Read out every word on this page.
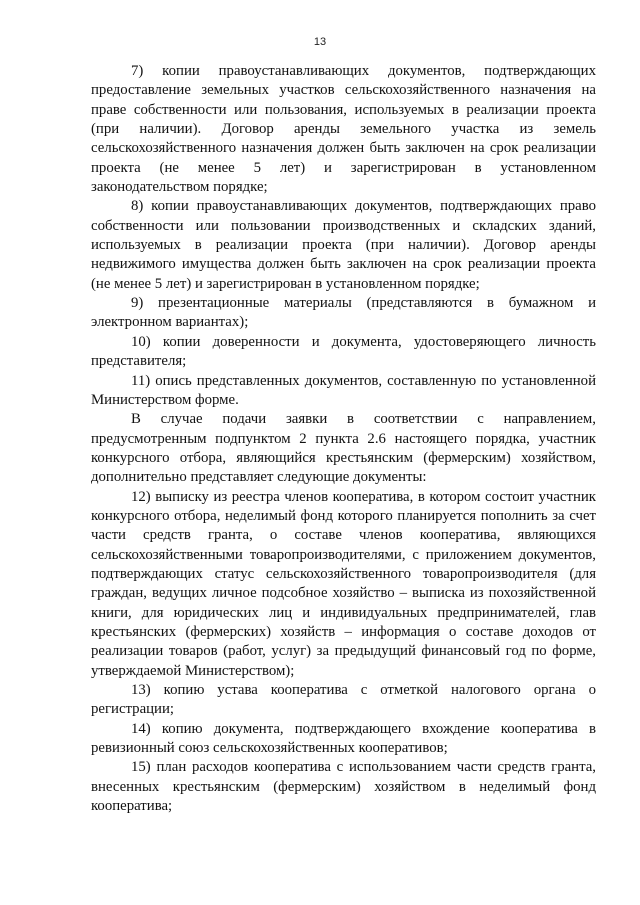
13

7) копии правоустанавливающих документов, подтверждающих предоставление земельных участков сельскохозяйственного назначения на праве собственности или пользования, используемых в реализации проекта (при наличии). Договор аренды земельного участка из земель сельскохозяйственного назначения должен быть заключен на срок реализации проекта (не менее 5 лет) и зарегистрирован в установленном законодательством порядке;

8) копии правоустанавливающих документов, подтверждающих право собственности или пользовании производственных и складских зданий, используемых в реализации проекта (при наличии). Договор аренды недвижимого имущества должен быть заключен на срок реализации проекта (не менее 5 лет) и зарегистрирован в установленном порядке;

9) презентационные материалы (представляются в бумажном и электронном вариантах);

10) копии доверенности и документа, удостоверяющего личность представителя;

11) опись представленных документов, составленную по установленной Министерством форме.

В случае подачи заявки в соответствии с направлением, предусмотренным подпунктом 2 пункта 2.6 настоящего порядка, участник конкурсного отбора, являющийся крестьянским (фермерским) хозяйством, дополнительно представляет следующие документы:

12) выписку из реестра членов кооператива, в котором состоит участник конкурсного отбора, неделимый фонд которого планируется пополнить за счет части средств гранта, о составе членов кооператива, являющихся сельскохозяйственными товаропроизводителями, с приложением документов, подтверждающих статус сельскохозяйственного товаропроизводителя (для граждан, ведущих личное подсобное хозяйство – выписка из похозяйственной книги, для юридических лиц и индивидуальных предпринимателей, глав крестьянских (фермерских) хозяйств – информация о составе доходов от реализации товаров (работ, услуг) за предыдущий финансовый год по форме, утверждаемой Министерством);

13) копию устава кооператива с отметкой налогового органа о регистрации;

14) копию документа, подтверждающего вхождение кооператива в ревизионный союз сельскохозяйственных кооперативов;

15) план расходов кооператива с использованием части средств гранта, внесенных крестьянским (фермерским) хозяйством в неделимый фонд кооператива;
